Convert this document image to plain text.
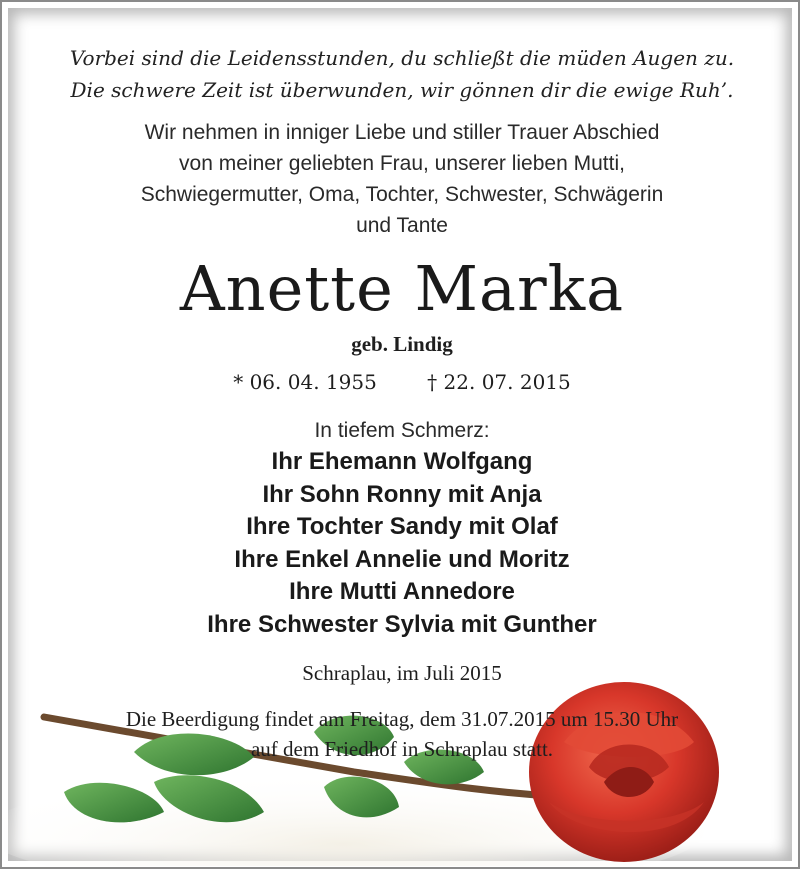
Vorbei sind die Leidensstunden, du schließt die müden Augen zu.
Die schwere Zeit ist überwunden, wir gönnen dir die ewige Ruh’.
Wir nehmen in inniger Liebe und stiller Trauer Abschied
von meiner geliebten Frau, unserer lieben Mutti,
Schwiegermutter, Oma, Tochter, Schwester, Schwägerin
und Tante
Anette Marka
geb. Lindig
* 06. 04. 1955	† 22. 07. 2015
In tiefem Schmerz:
Ihr Ehemann Wolfgang
Ihr Sohn Ronny mit Anja
Ihre Tochter Sandy mit Olaf
Ihre Enkel Annelie und Moritz
Ihre Mutti Annedore
Ihre Schwester Sylvia mit Gunther
Schraplau, im Juli 2015
Die Beerdigung findet am Freitag, dem 31.07.2015 um 15.30 Uhr
auf dem Friedhof in Schraplau statt.
